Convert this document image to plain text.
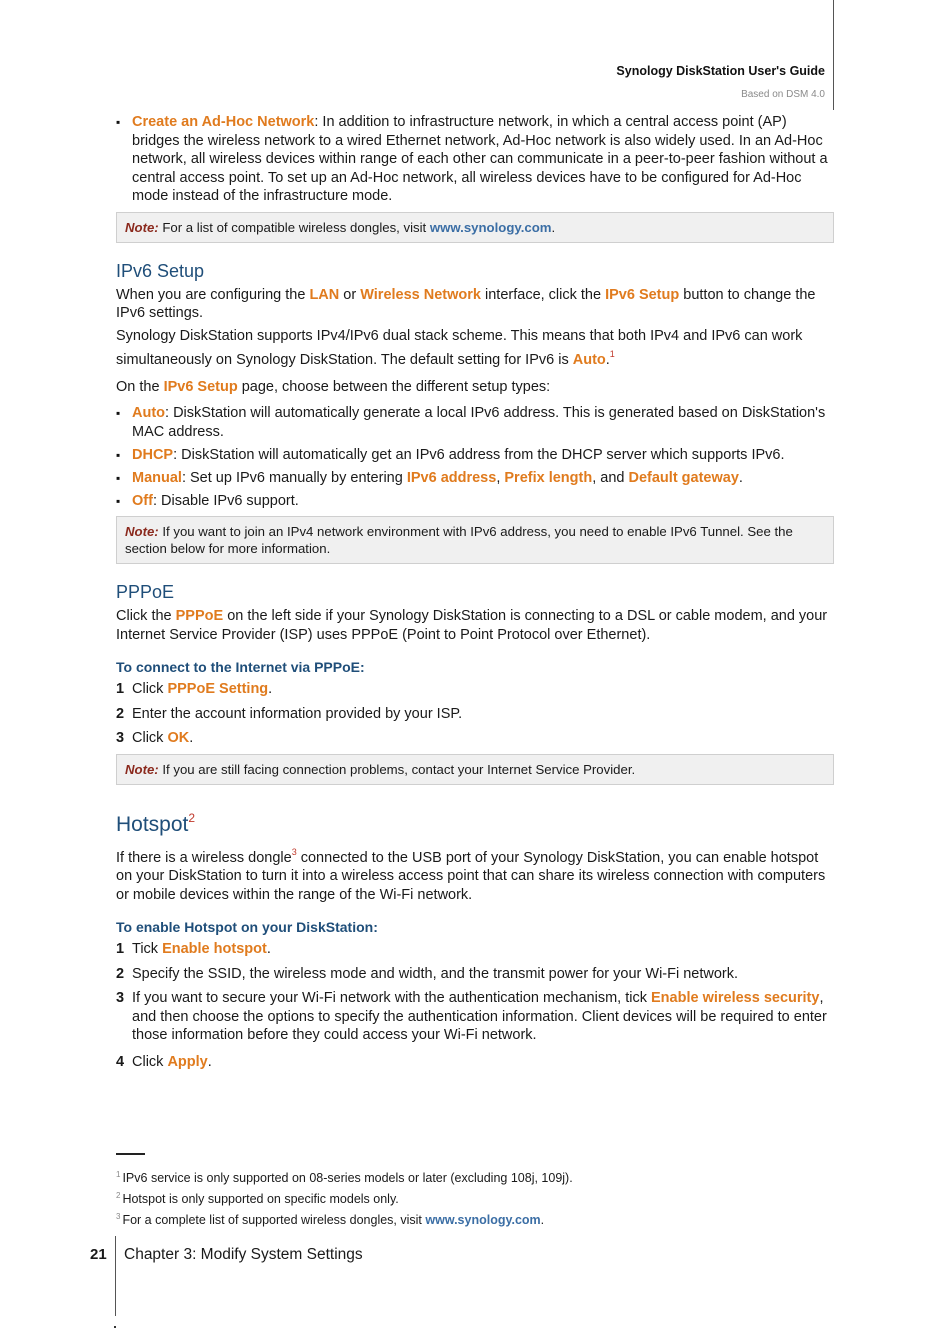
Synology DiskStation User's Guide
Based on DSM 4.0
▪ Create an Ad-Hoc Network: In addition to infrastructure network, in which a central access point (AP) bridges the wireless network to a wired Ethernet network, Ad-Hoc network is also widely used. In an Ad-Hoc network, all wireless devices within range of each other can communicate in a peer-to-peer fashion without a central access point. To set up an Ad-Hoc network, all wireless devices have to be configured for Ad-Hoc mode instead of the infrastructure mode.
Note: For a list of compatible wireless dongles, visit www.synology.com.
IPv6 Setup

When you are configuring the LAN or Wireless Network interface, click the IPv6 Setup button to change the IPv6 settings.

Synology DiskStation supports IPv4/IPv6 dual stack scheme. This means that both IPv4 and IPv6 can work simultaneously on Synology DiskStation. The default setting for IPv6 is Auto.$^1$

On the IPv6 Setup page, choose between the different setup types:

▪ Auto: DiskStation will automatically generate a local IPv6 address. This is generated based on DiskStation's MAC address.
▪ DHCP: DiskStation will automatically get an IPv6 address from the DHCP server which supports IPv6.
▪ Manual: Set up IPv6 manually by entering IPv6 address, Prefix length, and Default gateway.
▪ Off: Disable IPv6 support.
Note: If you want to join an IPv4 network environment with IPv6 address, you need to enable IPv6 Tunnel. See the section below for more information.
PPPoE

Click the PPPoE on the left side if your Synology DiskStation is connecting to a DSL or cable modem, and your Internet Service Provider (ISP) uses PPPoE (Point to Point Protocol over Ethernet).

To connect to the Internet via PPPoE:
1 Click PPPoE Setting.
2 Enter the account information provided by your ISP.
3 Click OK.
Note: If you are still facing connection problems, contact your Internet Service Provider.
Hotspot$^2$

If there is a wireless dongle$^3$ connected to the USB port of your Synology DiskStation, you can enable hotspot on your DiskStation to turn it into a wireless access point that can share its wireless connection with computers or mobile devices within the range of the Wi-Fi network.

To enable Hotspot on your DiskStation:
1 Tick Enable hotspot.
2 Specify the SSID, the wireless mode and width, and the transmit power for your Wi-Fi network.
3 If you want to secure your Wi-Fi network with the authentication mechanism, tick Enable wireless security, and then choose the options to specify the authentication information. Client devices will be required to enter those information before they could access your Wi-Fi network.
4 Click Apply.
$^1$ IPv6 service is only supported on 08-series models or later (excluding 108j, 109j).
$^2$ Hotspot is only supported on specific models only.
$^3$ For a complete list of supported wireless dongles, visit www.synology.com.
21 Chapter 3: Modify System Settings
